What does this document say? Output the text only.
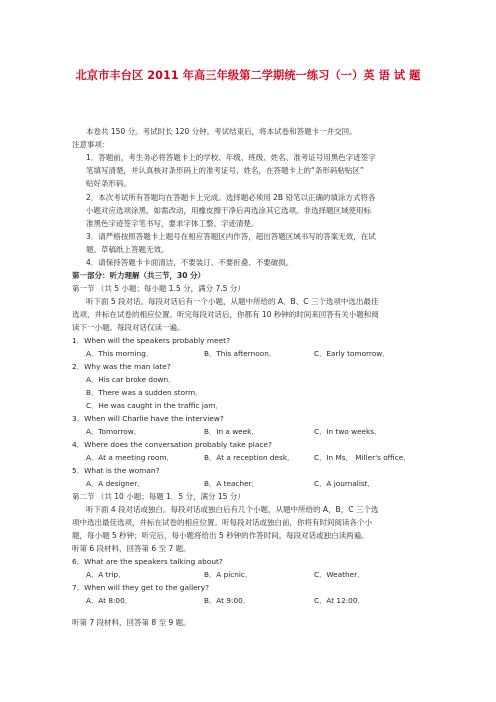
北京市丰台区 2011 年高三年级第二学期统一练习（一）英 语 试 题
本卷共 150 分。考试时长 120 分钟。考试结束后，将本试卷和答题卡一并交回。
注意事项：
1．答题前，考生务必将答题卡上的学校、年级、班级、姓名、准考证号用黑色字迹签字
笔填写清楚，并认真核对条形码上的准考证号、姓名，在答题卡上的“条形码粘贴区”
贴好条形码。
2．本次考试所有答题均在答题卡上完成。选择题必须用 2B 铅笔以正确的填涂方式将各
小题对应选项涂黑，如需改动，用橡皮擦干净后再选涂其它选项。非选择题区域使用标
准黑色字迹签字笔书写，要求字体工整、字迹清楚。
3．请严格按照答题卡上题号在相应答题区内作答，超出答题区域书写的答案无效，在试
题、草稿纸上答题无效。
4．请保持答题卡卡面清洁，不要装订、不要折叠、不要破损。
第一部分：听力理解（共三节，30 分）
第一节 （共 5 小题；每小题 1.5 分，满分 7.5 分）
听下面 5 段对话。每段对话后有一个小题，从题中所给的 A、B、C 三个选项中选出最佳
选项，并标在试卷的相应位置。听完每段对话后，你都有 10 秒钟的时间来回答有关小题和阅
读下一小题。每段对话仅读一遍。
1．When will the speakers probably meet?
A．This morning．	B．This afternoon．	C．Early tomorrow．
2．Why was the man late?
A．His car broke down．
B．There was a sudden storm．
C．He was caught in the traffic jam．
3．When will Charlie have the interview?
A．Tomorrow．	B．In a week．	C．In two weeks．
4．Where does the conversation probably take place?
A．At a meeting room．	B．At a reception desk．	C．In Ms． Miller's office．
5．What is the woman?
A．A designer．	B．A teacher．	C．A journalist．
第二节 （共 10 小题；每题 1．5 分，满分 15 分）
听下面 4 段对话或独白。每段对话或独白后有几个小题，从题中所给的 A，B，C 三个选
项中选出最佳选项，并标在试卷的相应位置。听每段对话或独白前，你将有时间阅读各个小
题，每小题 5 秒钟；听完后，每小题将给出 5 秒钟的作答时间。每段对话或独白读两遍。
听第 6 段材料，回答第 6 至 7 题。
6．What are the speakers talking about?
A．A trip．	B．A picnic．	C．Weather．
7．When will they get to the gallery?
A．At 8:00．	B．At 9:00．	C．At 12:00．
听第 7 段材料，回答第 8 至 9 题。
